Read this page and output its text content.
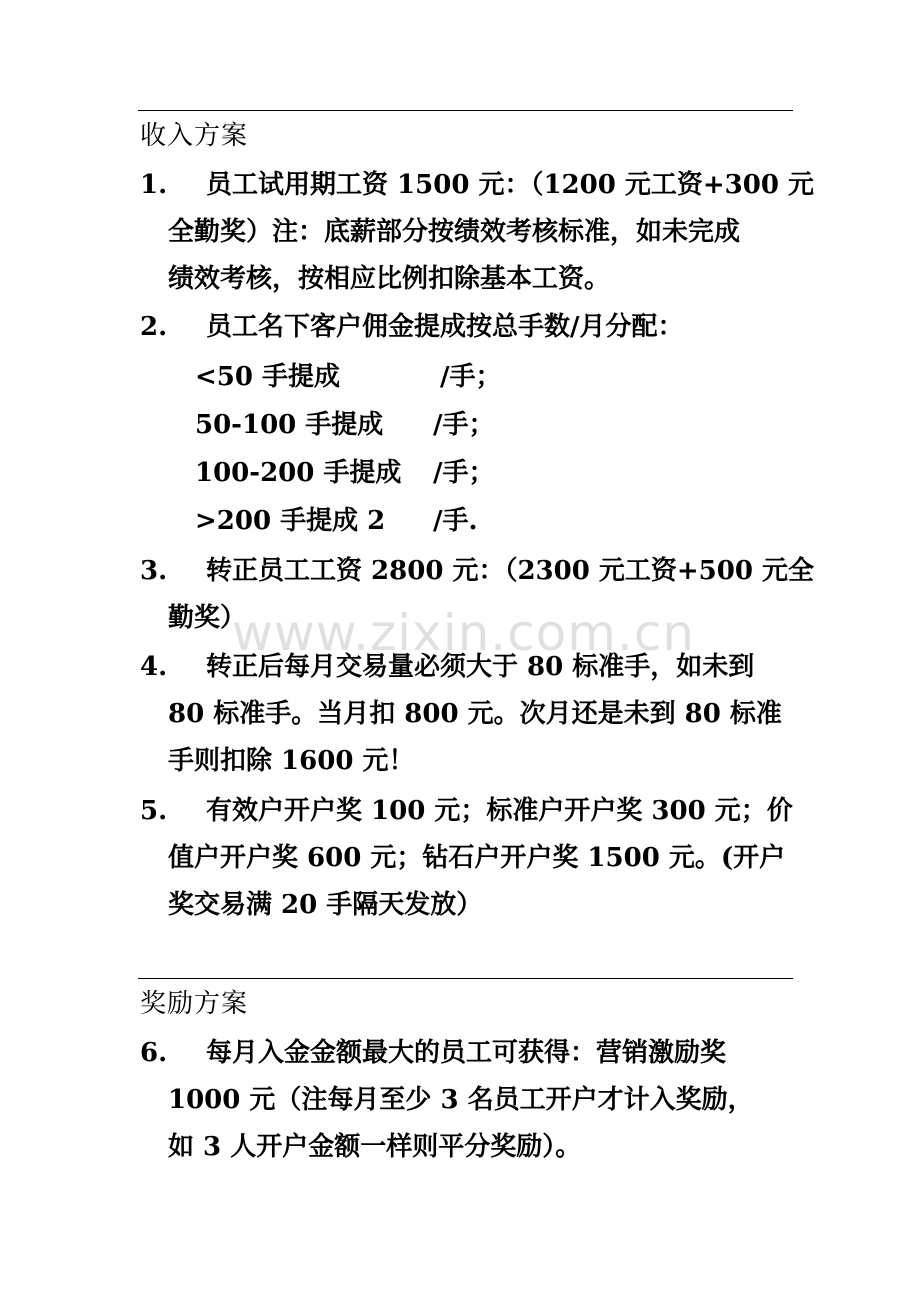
收入方案
1.	员工试用期工资 1500 元：（1200 元工资+300 元
全勤奖）注：底薪部分按绩效考核标准，如未完成
绩效考核，按相应比例扣除基本工资。
2.	员工名下客户佣金提成按总手数/月分配：
<50 手提成	/手；
50-100 手提成 /手；
100-200 手提成 /手；
>200 手提成 2 /手.
3.	转正员工工资 2800 元：（2300 元工资+500 元全
勤奖）
4.	转正后每月交易量必须大于 80 标准手，如未到
80 标准手。当月扣 800 元。次月还是未到 80 标准
手则扣除 1600 元！
5.	有效户开户奖 100 元；标准户开户奖 300 元；价
值户开户奖 600 元；钻石户开户奖 1500 元。(开户
奖交易满 20 手隔天发放）
奖励方案
6.	每月入金金额最大的员工可获得：营销激励奖
1000 元（注每月至少 3 名员工开户才计入奖励，
如 3 人开户金额一样则平分奖励）。
www.zixin.com.cn
